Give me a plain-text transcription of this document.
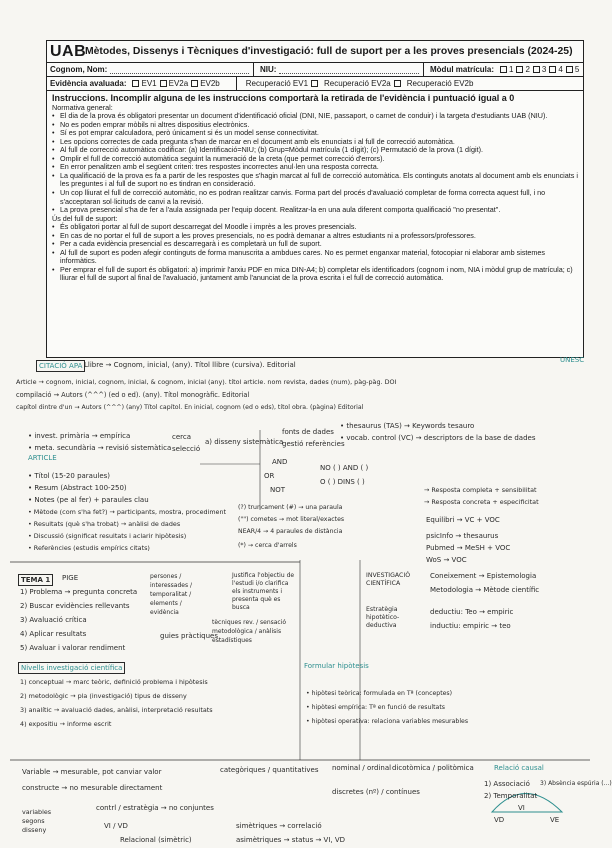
UAB
Mètodes, Dissenys i Tècniques d'investigació: full de suport per a les proves presencials (2024-25)
Cognom, Nom:	NIU:	Mòdul matrícula: 1 2 3 4 5
Evidència avaluada: EV1 EV2a EV2b	Recuperació EV1 Recuperació EV2a Recuperació EV2b
Instruccions. Incomplir alguna de les instruccions comportarà la retirada de l'evidència i puntuació igual a 0
Normativa general:
• El dia de la prova és obligatori presentar un document d'identificació oficial (DNI, NIE, passaport, o carnet de conduir) i la targeta d'estudiants UAB (NIU).
• No es poden emprar mòbils ni altres dispositius electrònics.
• Sí es pot emprar calculadora, però únicament si és un model sense connectivitat.
• Les opcions correctes de cada pregunta s'han de marcar en el document amb els enunciats i al full de correcció automàtica.
• Al full de correcció automàtica codificar: (a) Identificació=NIU; (b) Grup=Mòdul matrícula (1 dígit); (c) Permutació de la prova (1 dígit).
• Omplir el full de correcció automàtica seguint la numeració de la creta (que permet correcció d'errors).
• En error penalitzen amb el següent criteri: tres respostes incorrectes anul·len una resposta correcta.
• La qualificació de la prova es fa a partir de les respostes que s'hagin marcat al full de correcció automàtica. Els continguts anotats al document amb els enunciats i les preguntes i al full de suport no es tindran en consideració.
• Un cop lliurat el full de correcció automàtic, no es podran realitzar canvis. Forma part del procés d'avaluació completar de forma correcta aquest full, i no s'acceptaran sol·licituds de canvi a la revisió.
• La prova presencial s'ha de fer a l'aula assignada per l'equip docent. Realitzar-la en una aula diferent comporta qualificació "no presentat".
Ús del full de suport:
• És obligatori portar al full de suport descarregat del Moodle i imprès a les proves presencials.
• En cas de no portar el full de suport a les proves presencials, no es podrà demanar a altres estudiants ni a professors/professores.
• Per a cada evidència presencial es descarregarà i es completarà un full de suport.
• Al full de suport es poden afegir continguts de forma manuscrita a ambdues cares. No es permet enganxar material, fotocopiar ni elaborar amb sistemes informàtics.
• Per emprar el full de suport és obligatori: a) imprimir l'arxiu PDF en mica DIN-A4; b) completar els identificadors (cognom i nom, NIA i mòdul grup de matrícula; c) lliurar el full de suport al final de l'avaluació, juntament amb l'anunciat de la prova escrita i el full de correcció automàtica.
CITACIÓ APA Llibre → Cognom, inicial, (any). Títol llibre (cursiva). Editorial
UNESC
Article → cognom, inicial, cognom, inicial, & cognom, inicial (any). títol article. nom revista, dades (num), pàg-pàg. DOI
compilació → Autors (^^^) (ed o ed). (any). Títol monogràfic. Editorial
capítol dintre d'un → Autors (^^^) (any) Títol capítol. En inicial, cognom (ed o eds), títol obra. (pàgina) Editorial
• invest. primària → empírica
• meta. secundària → revisió sistemàtica
cerca
selecció
a) disseny sistemàtica
fonts de dades
gestió referències
• thesaurus (TAS) → Keywords tesauro
• vocab. control (VC) → descriptors de la base de dades
ARTICLE
• Títol (15-20 paraules)
• Resum (Abstract 100-250)
• Notes (pe al fer) + paraules clau
• Mètode (com s'ha fet?) → participants, mostra, procediment
• Resultats (què s'ha trobat) → anàlisi de dades
• Discussió (significat resultats i aclarir hipòtesis)
• Referències (estudis empírics citats)
AND
OR
NOT
NO ( ) AND ( )
O ( ) DINS ( )
(?) truncament (#) → una paraula
("") cometes → mot literal/exactes
NEAR/4 → 4 paraules de distància
(*) → cerca d'arrels
→ Resposta completa + sensibilitat
→ Resposta concreta + especificitat
Equilibri → VC + VOC
psicInfo → thesaurus
Pubmed → MeSH + VOC
WoS → VOC
TEMA 1	PIGE
1) Problema → pregunta concreta
2) Buscar evidències rellevants
3) Avaluació crítica
4) Aplicar resultats
5) Avaluar i valorar rendiment
persones / interessades / temporalitat / elements / evidència
guies pràctiques
tècniques rev. / sensació metodològica / anàlisis estadístiques
Justifica l'objectiu de l'estudi i/o clarifica els instruments i presenta què es busca
INVESTIGACIÓ CIENTÍFICA
Coneixement → Epistemologia
Metodologia → Mètode científic
Estratègia hipotètico-deductiva
deductiu: Teo → empiric
inductiu: empiric → teo
Nivells investigació científica
1) conceptual → marc teòric, definició problema i hipòtesis
2) metodològic → pla (investigació) tipus de disseny
3) analític → avaluació dades, anàlisi, interpretació resultats
4) expositiu → informe escrit
Formular hipòtesis
• hipòtesi teòrica: formulada en Tª (conceptes)
• hipòtesi empírica: Tª en funció de resultats
• hipòtesi operativa: relaciona variables mesurables
Variable → mesurable, pot canviar valor
constructe → no mesurable directament
categòriques / quantitatives nominal / ordinal dicotòmica / politòmica
discretes (nº) / contínues
Relació causal
1) Associació
2) Temporalitat
3) Absència espúria (...)
VI
VD	VE
variables segons disseny
contrl / estratègia → no conjuntes
VI / VD
Relacional (simètric)
simètriques → correlació
asimètriques → status → VI, VD
